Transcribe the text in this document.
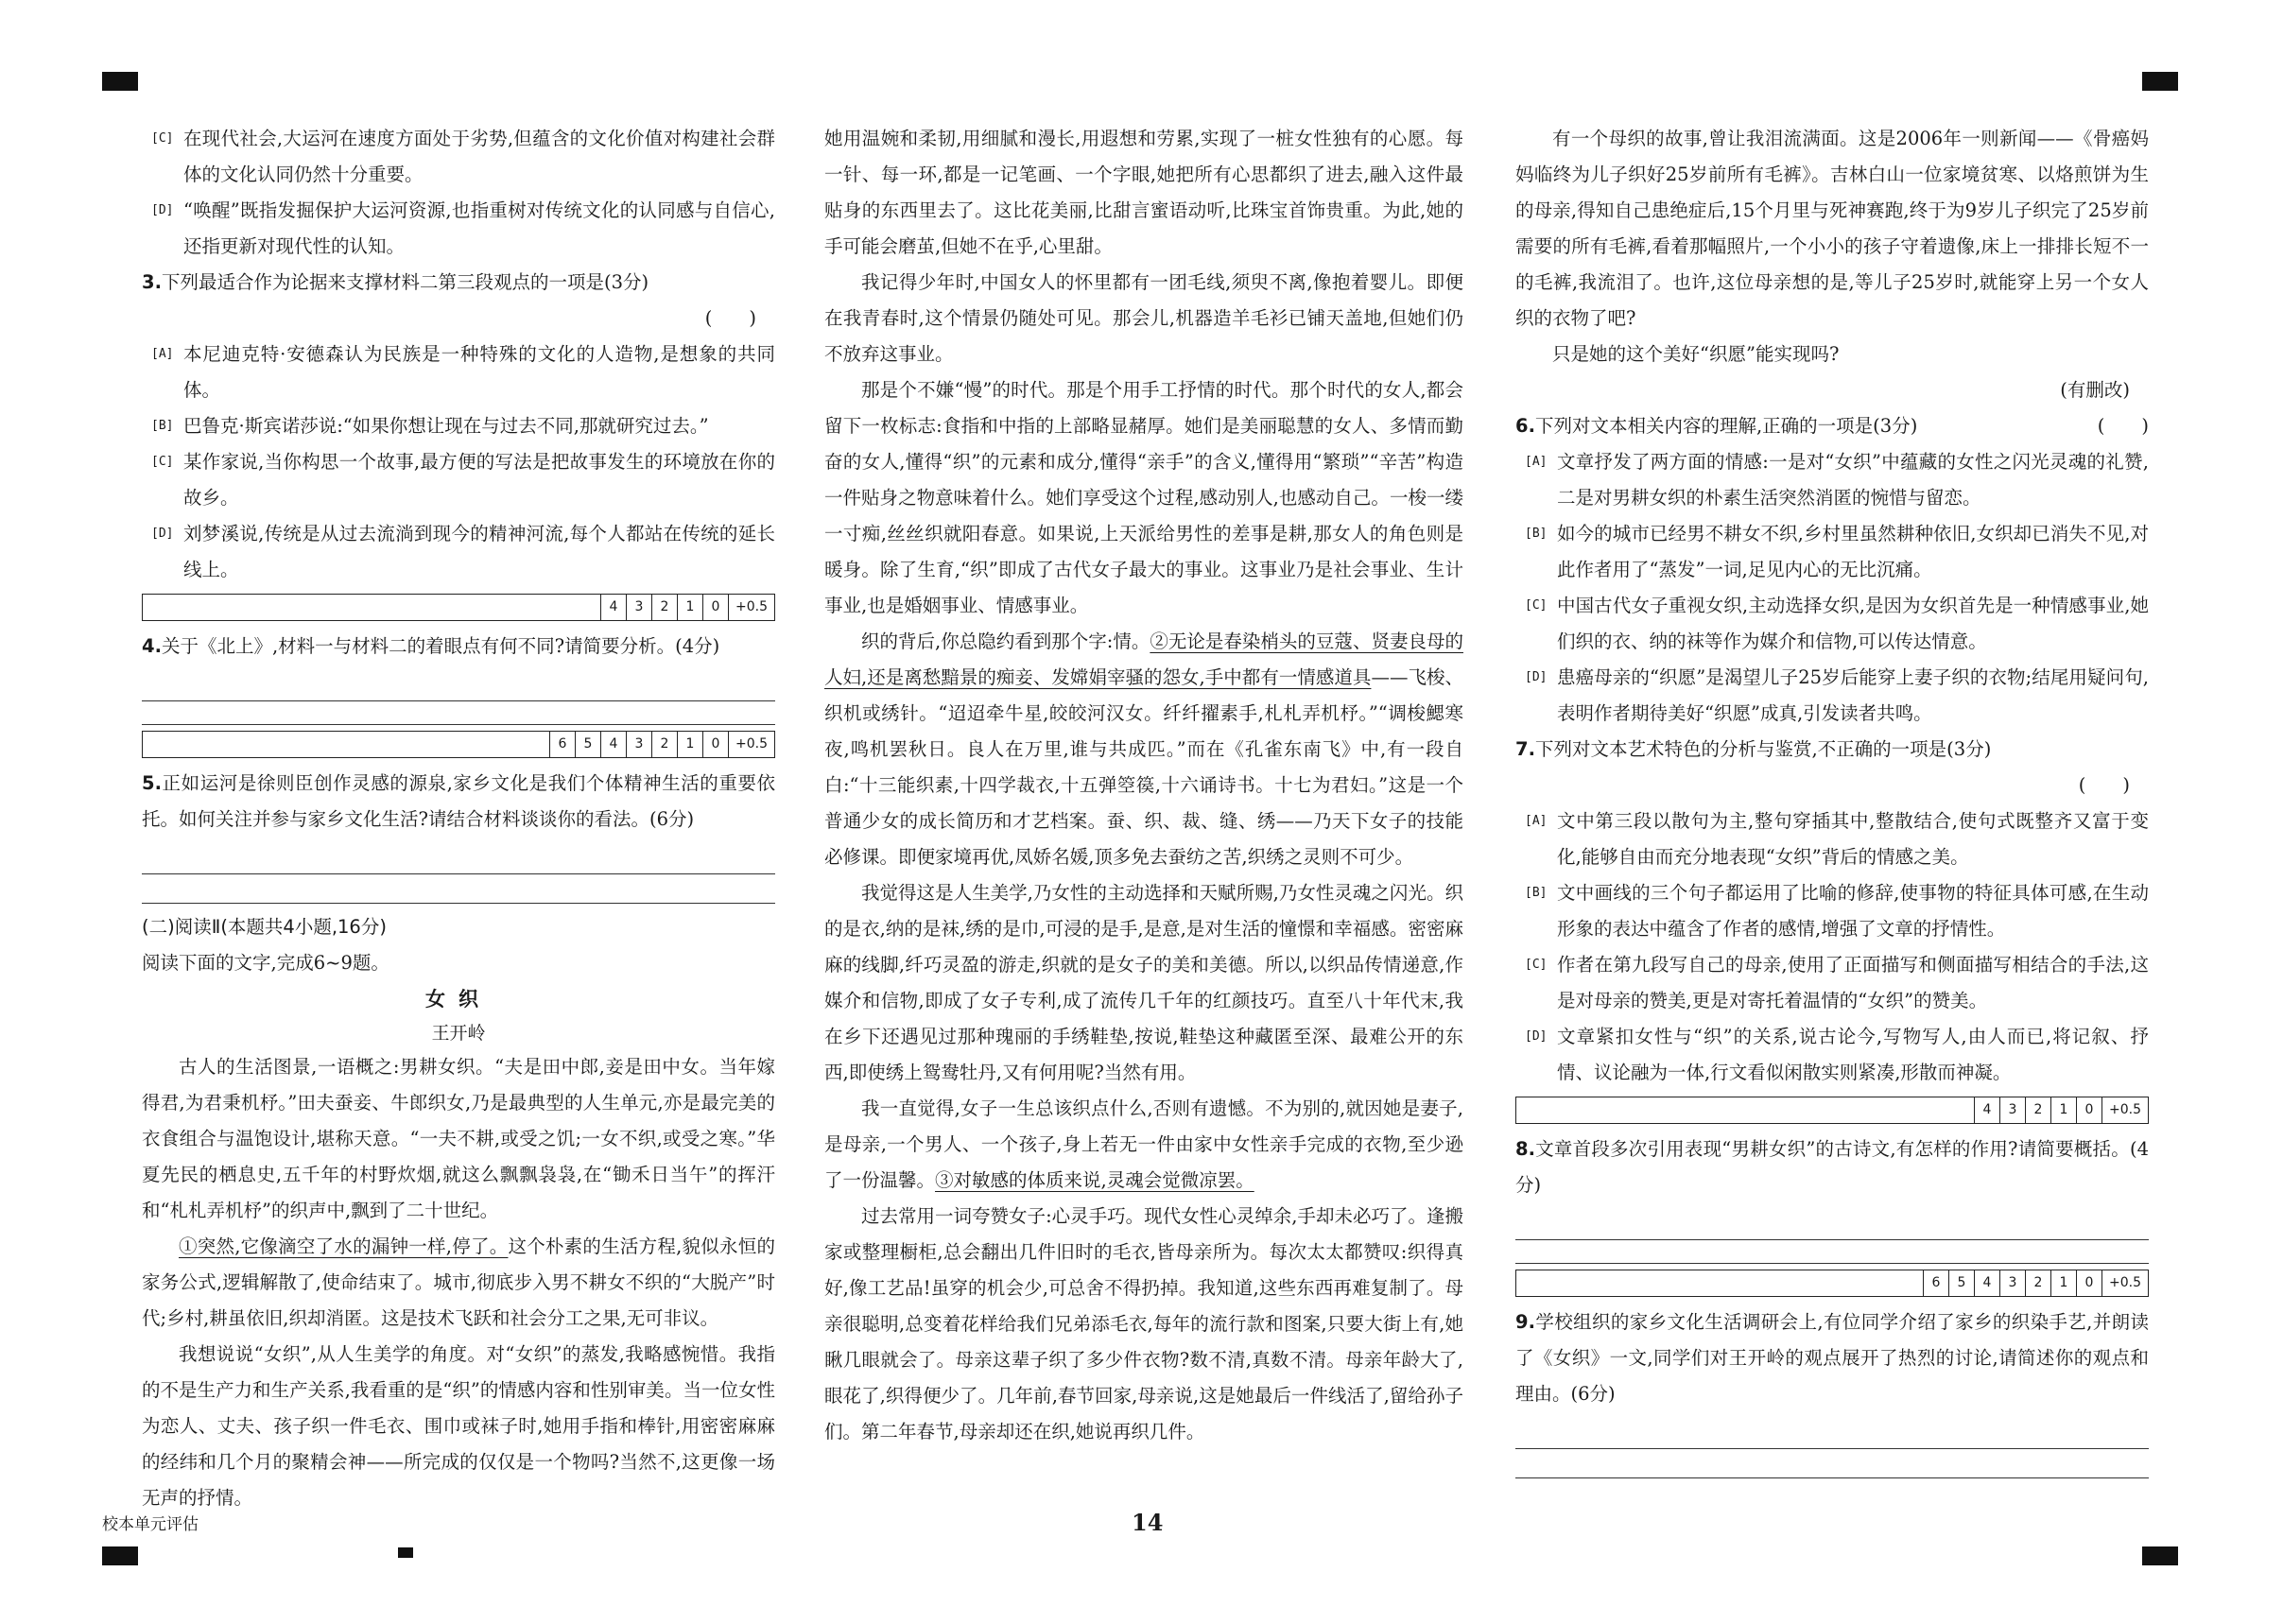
[C] 在现代社会,大运河在速度方面处于劣势,但蕴含的文化价值对构建社会群体的文化认同仍然十分重要。
[D] “唤醒”既指发掘保护大运河资源,也指重树对传统文化的认同感与自信心,还指更新对现代性的认知。

3.下列最适合作为论据来支撑材料二第三段观点的一项是(3分)

(　　)
[A] 本尼迪克特·安德森认为民族是一种特殊的文化的人造物,是想象的共同体。
[B] 巴鲁克·斯宾诺莎说:“如果你想让现在与过去不同,那就研究过去。”
[C] 某作家说,当你构思一个故事,最方便的写法是把故事发生的环境放在你的故乡。
[D] 刘梦溪说,传统是从过去流淌到现今的精神河流,每个人都站在传统的延长线上。
4	3	2	1	0	+0.5

4.关于《北上》,材料一与材料二的着眼点有何不同?请简要分析。(4分)

6	5	4	3	2	1	0	+0.5

5.正如运河是徐则臣创作灵感的源泉,家乡文化是我们个体精神生活的重要依托。如何关注并参与家乡文化生活?请结合材料谈谈你的看法。(6分)

(二)阅读Ⅱ(本题共4小题,16分)

阅读下面的文字,完成6~9题。

女织
王开岭

古人的生活图景,一语概之:男耕女织。“夫是田中郎,妾是田中女。当年嫁得君,为君秉机杼。”田夫蚕妾、牛郎织女,乃是最典型的人生单元,亦是最完美的衣食组合与温饱设计,堪称天意。“一夫不耕,或受之饥;一女不织,或受之寒。”华夏先民的栖息史,五千年的村野炊烟,就这么飘飘袅袅,在“锄禾日当午”的挥汗和“札札弄机杼”的织声中,飘到了二十世纪。

①突然,它像滴空了水的漏钟一样,停了。这个朴素的生活方程,貌似永恒的家务公式,逻辑解散了,使命结束了。城市,彻底步入男不耕女不织的“大脱产”时代;乡村,耕虽依旧,织却消匿。这是技术飞跃和社会分工之果,无可非议。

我想说说“女织”,从人生美学的角度。对“女织”的蒸发,我略感惋惜。我指的不是生产力和生产关系,我看重的是“织”的情感内容和性别审美。当一位女性为恋人、丈夫、孩子织一件毛衣、围巾或袜子时,她用手指和棒针,用密密麻麻的经纬和几个月的聚精会神——所完成的仅仅是一个物吗?当然不,这更像一场无声的抒情。

她用温婉和柔韧,用细腻和漫长,用遐想和劳累,实现了一桩女性独有的心愿。每一针、每一环,都是一记笔画、一个字眼,她把所有心思都织了进去,融入这件最贴身的东西里去了。这比花美丽,比甜言蜜语动听,比珠宝首饰贵重。为此,她的手可能会磨茧,但她不在乎,心里甜。

我记得少年时,中国女人的怀里都有一团毛线,须臾不离,像抱着婴儿。即便在我青春时,这个情景仍随处可见。那会儿,机器造羊毛衫已铺天盖地,但她们仍不放弃这事业。

那是个不嫌“慢”的时代。那是个用手工抒情的时代。那个时代的女人,都会留下一枚标志:食指和中指的上部略显赭厚。她们是美丽聪慧的女人、多情而勤奋的女人,懂得“织”的元素和成分,懂得“亲手”的含义,懂得用“繁琐”“辛苦”构造一件贴身之物意味着什么。她们享受这个过程,感动别人,也感动自己。一梭一缕一寸痴,丝丝织就阳春意。如果说,上天派给男性的差事是耕,那女人的角色则是暖身。除了生育,“织”即成了古代女子最大的事业。这事业乃是社会事业、生计事业,也是婚姻事业、情感事业。

织的背后,你总隐约看到那个字:情。②无论是春染梢头的豆蔻、贤妻良母的人妇,还是离愁黯景的痴妾、发嫦娟宰骚的怨女,手中都有一情感道具——飞梭、织机或绣针。“迢迢牵牛星,皎皎河汉女。纤纤擢素手,札札弄机杼。”“调梭鰓寒夜,鸣机罢秋日。良人在万里,谁与共成匹。”而在《孔雀东南飞》中,有一段自白:“十三能织素,十四学裁衣,十五弹箜篌,十六诵诗书。十七为君妇。”这是一个普通少女的成长简历和才艺档案。蚕、织、裁、缝、绣——乃天下女子的技能必修课。即便家境再优,凤娇名媛,顶多免去蚕纺之苦,织绣之灵则不可少。

我觉得这是人生美学,乃女性的主动选择和天赋所赐,乃女性灵魂之闪光。织的是衣,纳的是袜,绣的是巾,可浸的是手,是意,是对生活的憧憬和幸福感。密密麻麻的线脚,纤巧灵盈的游走,织就的是女子的美和美德。所以,以织品传情递意,作媒介和信物,即成了女子专利,成了流传几千年的红颜技巧。直至八十年代末,我在乡下还遇见过那种瑰丽的手绣鞋垫,按说,鞋垫这种藏匿至深、最难公开的东西,即使绣上鸳鸯牡丹,又有何用呢?当然有用。

我一直觉得,女子一生总该织点什么,否则有遗憾。不为别的,就因她是妻子,是母亲,一个男人、一个孩子,身上若无一件由家中女性亲手完成的衣物,至少逊了一份温馨。③对敏感的体质来说,灵魂会觉微凉罢。

过去常用一词夸赞女子:心灵手巧。现代女性心灵绰余,手却未必巧了。逢搬家或整理橱柜,总会翻出几件旧时的毛衣,皆母亲所为。每次太太都赞叹:织得真好,像工艺品!虽穿的机会少,可总舍不得扔掉。我知道,这些东西再难复制了。母亲很聪明,总变着花样给我们兄弟添毛衣,每年的流行款和图案,只要大街上有,她瞅几眼就会了。母亲这辈子织了多少件衣物?数不清,真数不清。母亲年龄大了,眼花了,织得便少了。几年前,春节回家,母亲说,这是她最后一件线活了,留给孙子们。第二年春节,母亲却还在织,她说再织几件。

有一个母织的故事,曾让我泪流满面。这是2006年一则新闻——《骨癌妈妈临终为儿子织好25岁前所有毛裤》。吉林白山一位家境贫寒、以烙煎饼为生的母亲,得知自己患绝症后,15个月里与死神赛跑,终于为9岁儿子织完了25岁前需要的所有毛裤,看着那幅照片,一个小小的孩子守着遗像,床上一排排长短不一的毛裤,我流泪了。也许,这位母亲想的是,等儿子25岁时,就能穿上另一个女人织的衣物了吧?

只是她的这个美好“织愿”能实现吗?

(有删改)

6.下列对文本相关内容的理解,正确的一项是(3分)	(　　)

[A] 文章抒发了两方面的情感:一是对“女织”中蕴藏的女性之闪光灵魂的礼赞,二是对男耕女织的朴素生活突然消匿的惋惜与留恋。
[B] 如今的城市已经男不耕女不织,乡村里虽然耕种依旧,女织却已消失不见,对此作者用了“蒸发”一词,足见内心的无比沉痛。
[C] 中国古代女子重视女织,主动选择女织,是因为女织首先是一种情感事业,她们织的衣、纳的袜等作为媒介和信物,可以传达情意。
[D] 患癌母亲的“织愿”是渴望儿子25岁后能穿上妻子织的衣物;结尾用疑问句,表明作者期待美好“织愿”成真,引发读者共鸣。

7.下列对文本艺术特色的分析与鉴赏,不正确的一项是(3分)

(　　)
[A] 文中第三段以散句为主,整句穿插其中,整散结合,使句式既整齐又富于变化,能够自由而充分地表现“女织”背后的情感之美。
[B] 文中画线的三个句子都运用了比喻的修辞,使事物的特征具体可感,在生动形象的表达中蕴含了作者的感情,增强了文章的抒情性。
[C] 作者在第九段写自己的母亲,使用了正面描写和侧面描写相结合的手法,这是对母亲的赞美,更是对寄托着温情的“女织”的赞美。
[D] 文章紧扣女性与“织”的关系,说古论今,写物写人,由人而已,将记叙、抒情、议论融为一体,行文看似闲散实则紧凑,形散而神凝。
4	3	2	1	0	+0.5

8.文章首段多次引用表现“男耕女织”的古诗文,有怎样的作用?请简要概括。(4分)

6	5	4	3	2	1	0	+0.5

9.学校组织的家乡文化生活调研会上,有位同学介绍了家乡的织染手艺,并朗读了《女织》一文,同学们对王开岭的观点展开了热烈的讨论,请简述你的观点和理由。(6分)

14
校本单元评估
